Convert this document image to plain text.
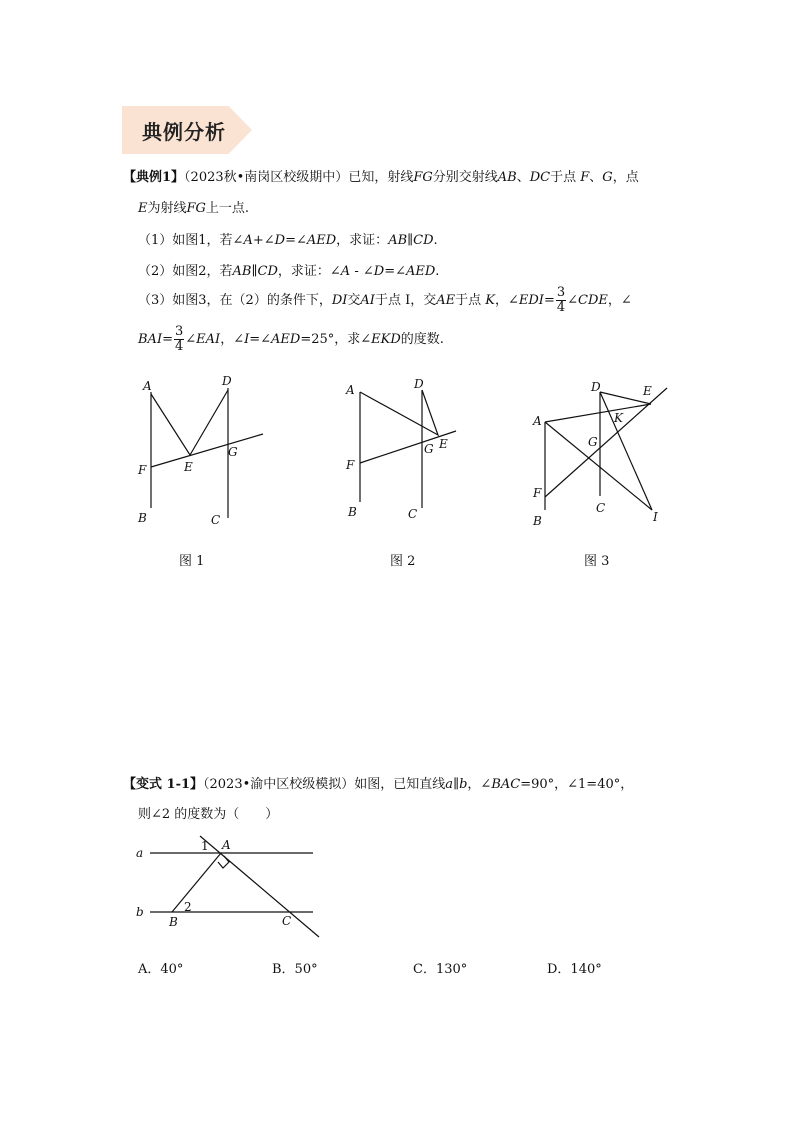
典例分析
【典例1】（2023秋•南岗区校级期中）已知，射线FG分别交射线AB、DC于点 F、G，点
E为射线FG上一点.
（1）如图1，若∠A+∠D=∠AED，求证：AB∥CD.
（2）如图2，若AB∥CD，求证：∠A - ∠D=∠AED.
（3）如图3，在（2）的条件下，DI交AI于点 I，交AE于点 K，∠EDI= $\frac{3}{4}$ ∠CDE，∠
$BAI= \frac{3}{4}$ ∠EAI，∠I=∠AED=25°，求∠EKD的度数.
A	D
E
G
F
B	C
图 1
A	D
E
G
F
B	C
图 2
D	E
A	K
G
F
B
C
I
图 3
【变式 1-1】（2023•渝中区校级模拟）如图，已知直线a∥b，∠BAC=90°，∠1=40°，
则∠2 的度数为（　　）
a
b
1 A
2
B	C
A．40°	B．50°	C．130°	D．140°
